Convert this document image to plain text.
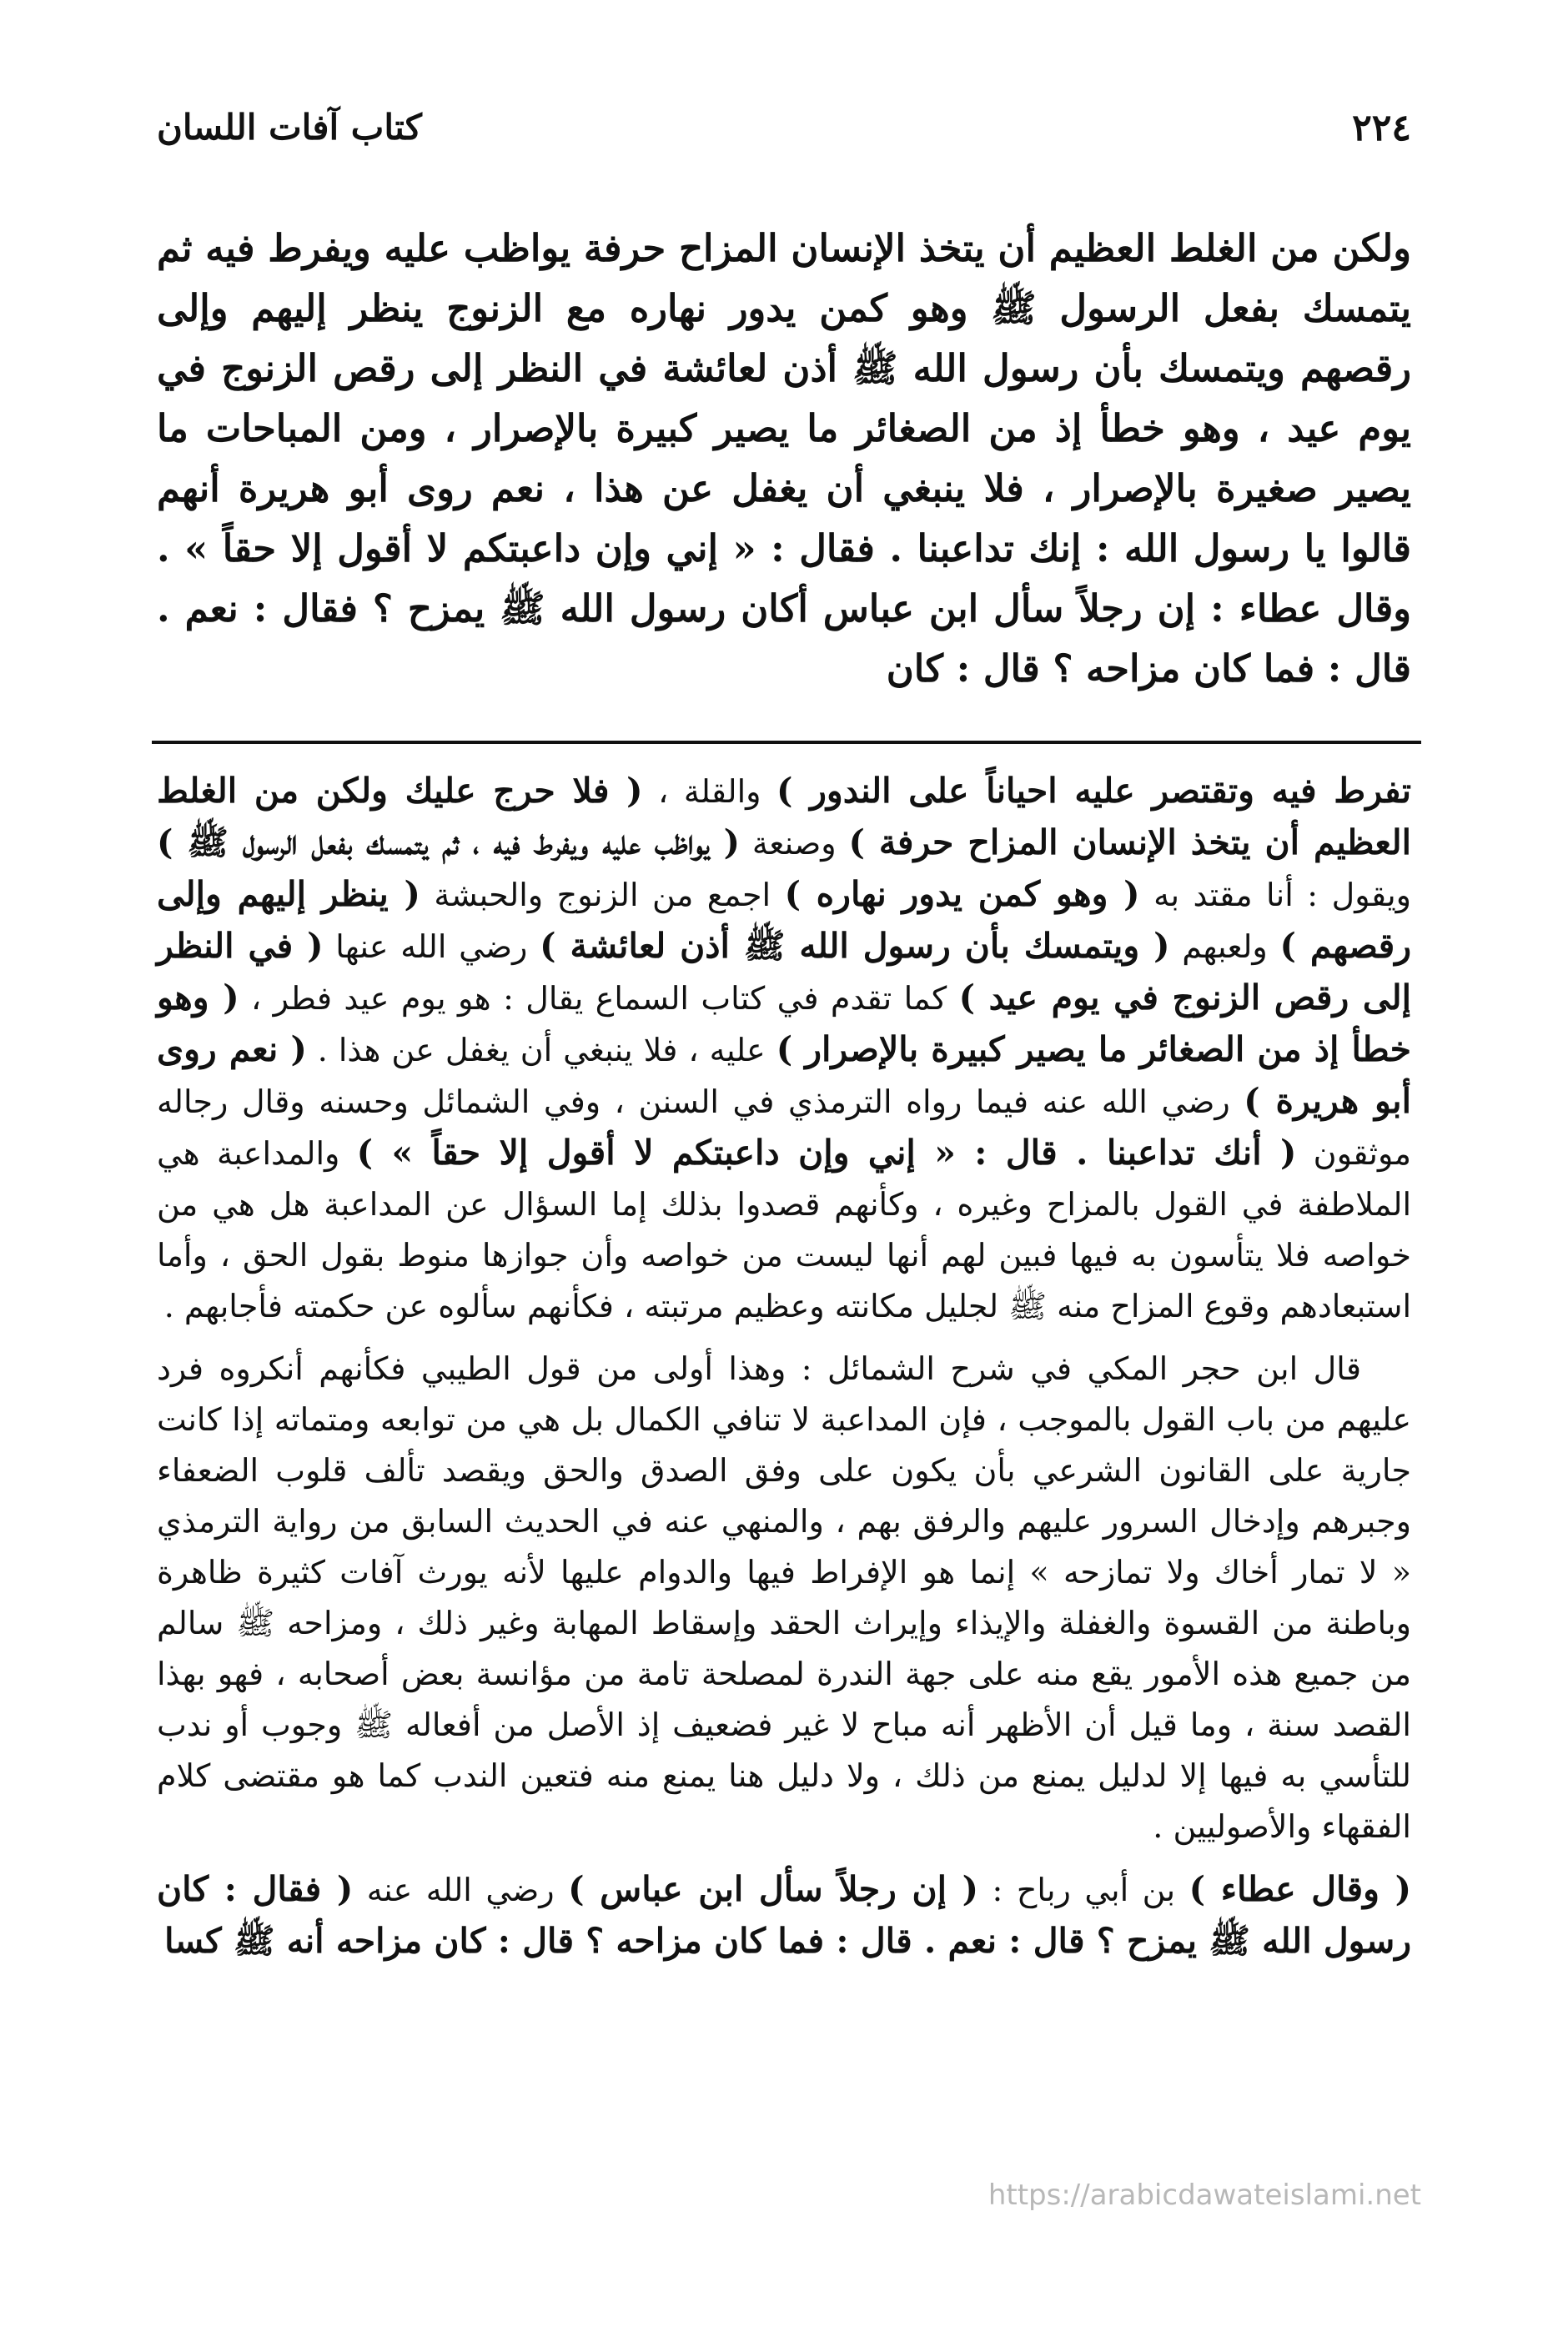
٢٢٤
كتاب آفات اللسان

ولكن من الغلط العظيم أن يتخذ الإنسان المزاح حرفة يواظب عليه ويفرط فيه ثم يتمسك بفعل الرسول ﷺ وهو كمن يدور نهاره مع الزنوج ينظر إليهم وإلى رقصهم ويتمسك بأن رسول الله ﷺ أذن لعائشة في النظر إلى رقص الزنوج في يوم عيد ، وهو خطأ إذ من الصغائر ما يصير كبيرة بالإصرار ، ومن المباحات ما يصير صغيرة بالإصرار ، فلا ينبغي أن يغفل عن هذا ، نعم روى أبو هريرة أنهم قالوا يا رسول الله : إنك تداعبنا . فقال : « إني وإن داعبتكم لا أقول إلا حقاً » . وقال عطاء : إن رجلاً سأل ابن عباس أكان رسول الله ﷺ يمزح ؟ فقال : نعم . قال : فما كان مزاحه ؟ قال : كان

تفرط فيه وتقتصر عليه احياناً على الندور ) والقلة ، ( فلا حرج عليك ولكن من الغلط العظيم أن يتخذ الإنسان المزاح حرفة ) وصنعة ( يواظب عليه ويفرط فيه ، ثم يتمسك بفعل الرسول ﷺ ) ويقول : أنا مقتد به ( وهو كمن يدور نهاره ) اجمع من الزنوج والحبشة ( ينظر إليهم وإلى رقصهم ) ولعبهم ( ويتمسك بأن رسول الله ﷺ أذن لعائشة ) رضي الله عنها ( في النظر إلى رقص الزنوج في يوم عيد ) كما تقدم في كتاب السماع يقال : هو يوم عيد فطر ، ( وهو خطأ إذ من الصغائر ما يصير كبيرة بالإصرار ) عليه ، فلا ينبغي أن يغفل عن هذا . ( نعم روى أبو هريرة ) رضي الله عنه فيما رواه الترمذي في السنن ، وفي الشمائل وحسنه وقال رجاله موثقون ( أنك تداعبنا . قال : « إني وإن داعبتكم لا أقول إلا حقاً » ) والمداعبة هي الملاطفة في القول بالمزاح وغيره ، وكأنهم قصدوا بذلك إما السؤال عن المداعبة هل هي من خواصه فلا يتأسون به فيها فبين لهم أنها ليست من خواصه وأن جوازها منوط بقول الحق ، وأما استبعادهم وقوع المزاح منه ﷺ لجليل مكانته وعظيم مرتبته ، فكأنهم سألوه عن حكمته فأجابهم .

قال ابن حجر المكي في شرح الشمائل : وهذا أولى من قول الطيبي فكأنهم أنكروه فرد عليهم من باب القول بالموجب ، فإن المداعبة لا تنافي الكمال بل هي من توابعه ومتماته إذا كانت جارية على القانون الشرعي بأن يكون على وفق الصدق والحق ويقصد تألف قلوب الضعفاء وجبرهم وإدخال السرور عليهم والرفق بهم ، والمنهي عنه في الحديث السابق من رواية الترمذي « لا تمار أخاك ولا تمازحه » إنما هو الإفراط فيها والدوام عليها لأنه يورث آفات كثيرة ظاهرة وباطنة من القسوة والغفلة والإيذاء وإيراث الحقد وإسقاط المهابة وغير ذلك ، ومزاحه ﷺ سالم من جميع هذه الأمور يقع منه على جهة الندرة لمصلحة تامة من مؤانسة بعض أصحابه ، فهو بهذا القصد سنة ، وما قيل أن الأظهر أنه مباح لا غير فضعيف إذ الأصل من أفعاله ﷺ وجوب أو ندب للتأسي به فيها إلا لدليل يمنع من ذلك ، ولا دليل هنا يمنع منه فتعين الندب كما هو مقتضى كلام الفقهاء والأصوليين .

( وقال عطاء ) بن أبي رباح : ( إن رجلاً سأل ابن عباس ) رضي الله عنه ( فقال : كان رسول الله ﷺ يمزح ؟ قال : نعم . قال : فما كان مزاحه ؟ قال : كان مزاحه أنه ﷺ كسا

https://arabicdawateislami.net
